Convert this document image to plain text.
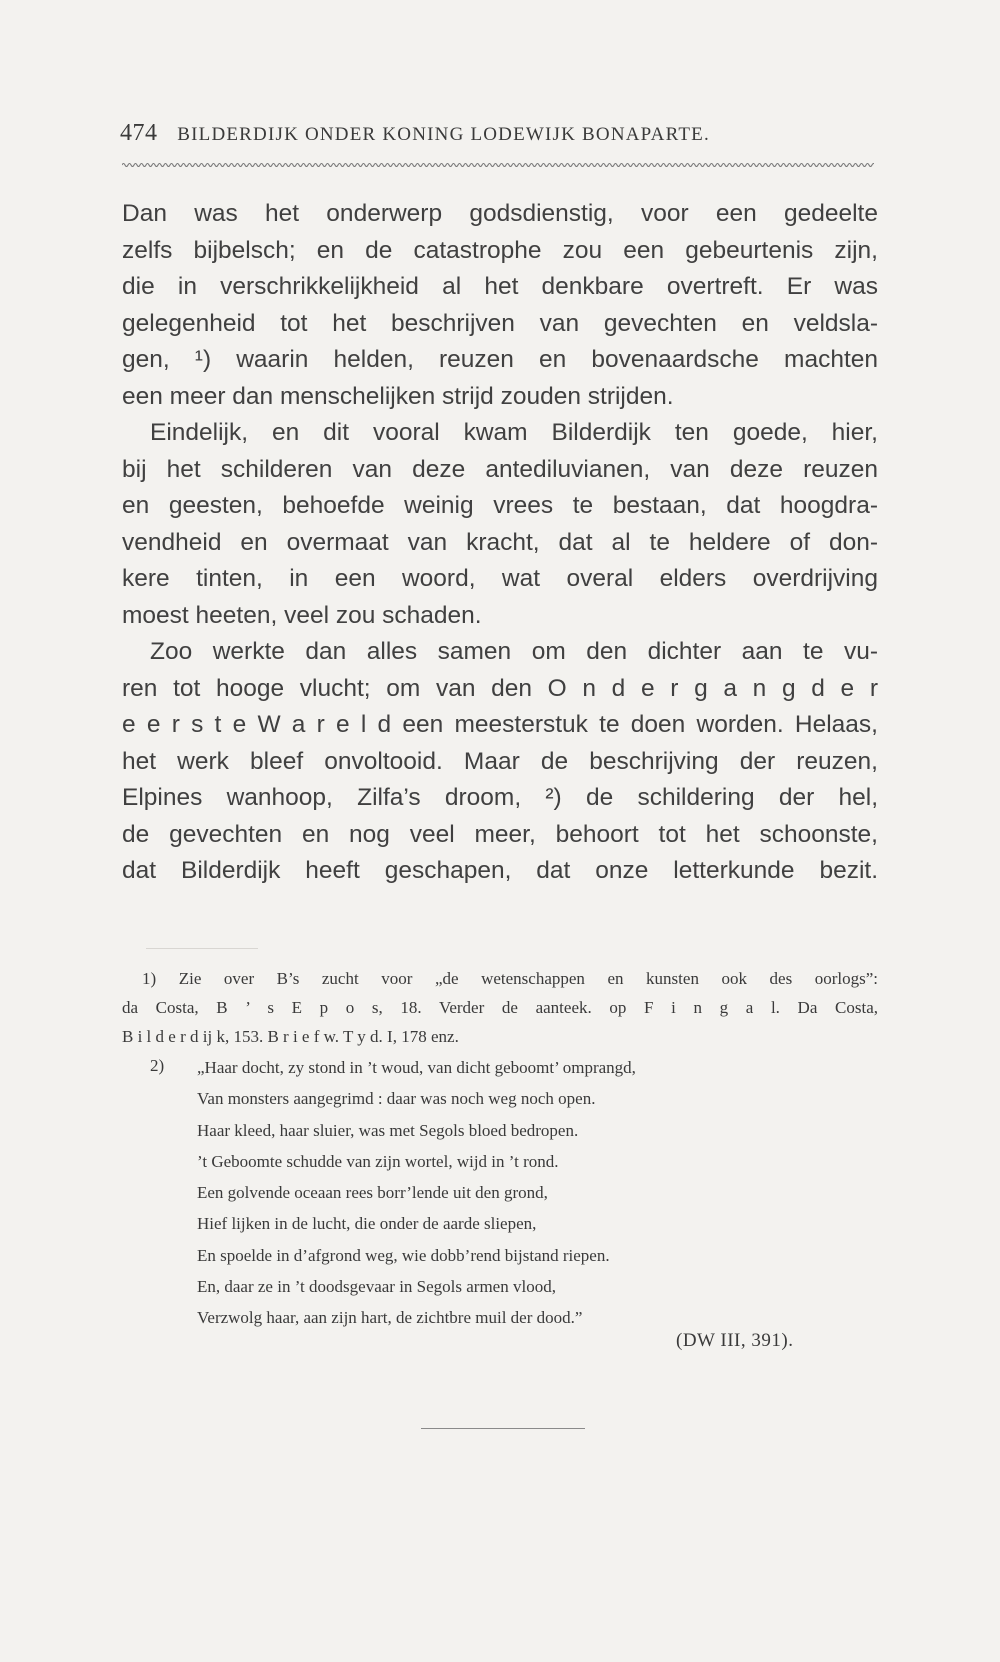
474 BILDERDIJK ONDER KONING LODEWIJK BONAPARTE.

Dan was het onderwerp godsdienstig, voor een gedeelte
zelfs bijbelsch; en de catastrophe zou een gebeurtenis zijn,
die in verschrikkelijkheid al het denkbare overtreft. Er was
gelegenheid tot het beschrijven van gevechten en veldsla-
gen, ¹) waarin helden, reuzen en bovenaardsche machten
een meer dan menschelijken strijd zouden strijden.

Eindelijk, en dit vooral kwam Bilderdijk ten goede, hier,
bij het schilderen van deze antediluvianen, van deze reuzen
en geesten, behoefde weinig vrees te bestaan, dat hoogdra-
vendheid en overmaat van kracht, dat al te heldere of don-
kere tinten, in een woord, wat overal elders overdrijving
moest heeten, veel zou schaden.

Zoo werkte dan alles samen om den dichter aan te vu-
ren tot hooge vlucht; om van den O n d e r g a n g d e r
e e r s t e W a r e l d een meesterstuk te doen worden. Helaas,
het werk bleef onvoltooid. Maar de beschrijving der reuzen,
Elpines wanhoop, Zilfa’s droom, ²) de schildering der hel,
de gevechten en nog veel meer, behoort tot het schoonste,
dat Bilderdijk heeft geschapen, dat onze letterkunde bezit.

1) Zie over B’s zucht voor „de wetenschappen en kunsten ook des oorlogs”:
da Costa, B ’ s E p o s, 18. Verder de aanteek. op F i n g a l. Da Costa,
B i l d e r d ij k, 153. B r i e f w. T y d. I, 178 enz.
2) „Haar docht, zy stond in ’t woud, van dicht geboomt’ omprangd,
Van monsters aangegrimd : daar was noch weg noch open.
Haar kleed, haar sluier, was met Segols bloed bedropen.
’t Geboomte schudde van zijn wortel, wijd in ’t rond.
Een golvende oceaan rees borr’lende uit den grond,
Hief lijken in de lucht, die onder de aarde sliepen,
En spoelde in d’afgrond weg, wie dobb’rend bijstand riepen.
En, daar ze in ’t doodsgevaar in Segols armen vlood,
Verzwolg haar, aan zijn hart, de zichtbre muil der dood.”
(DW III, 391).
